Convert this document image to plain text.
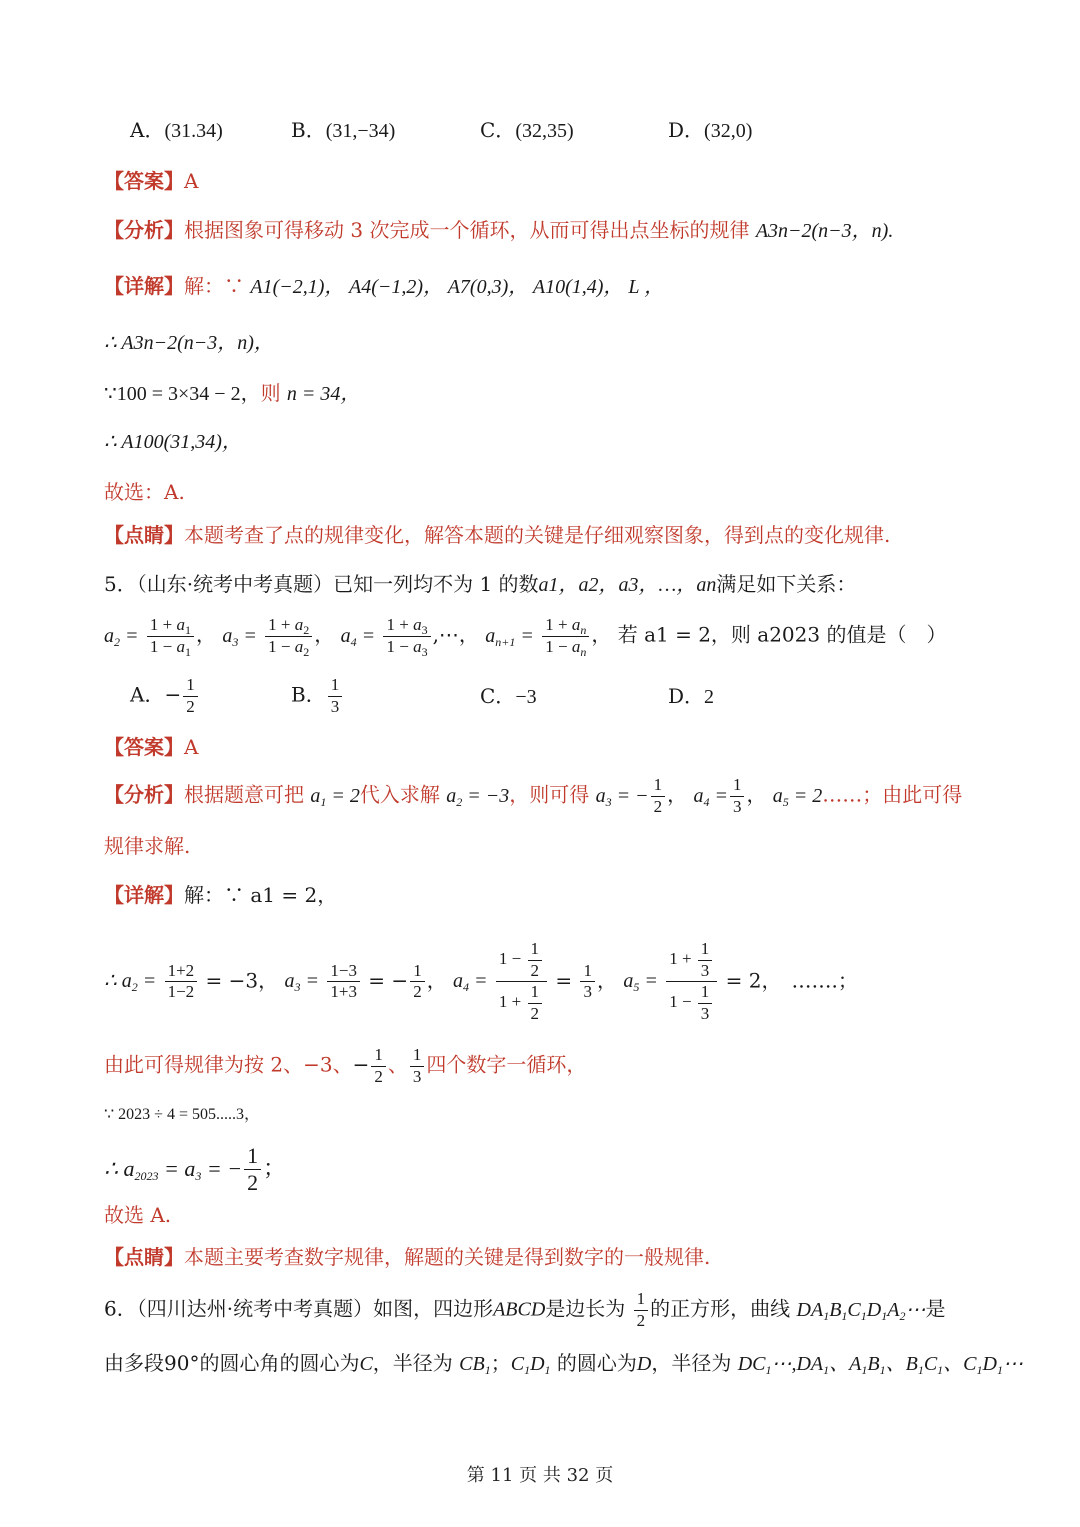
A．(31.34)	B．(31,−34)	C．(32,35)	D．(32,0)
【答案】A
【分析】根据图象可得移动 3 次完成一个循环，从而可得出点坐标的规律 A3n−2(n−3，n).
【详解】解：∵ A1(−2,1)， A4(−1,2)， A7(0,3)， A10(1,4)， L ，
∴ A3n−2(n−3，n)，
∵100 = 3×34 − 2，则 n = 34，
∴ A100(31,34)，
故选：A.
【点睛】本题考查了点的规律变化，解答本题的关键是仔细观察图象，得到点的变化规律.
5．（山东·统考中考真题）已知一列均不为 1 的数a1，a2，a3，…，an满足如下关系：
$a_2 = \frac{1 + a_1}{1 - a_1}$ ， $a_3 = \frac{1 + a_2}{1 - a_2}$ ， $a_4 = \frac{1 + a_3}{1 - a_3}$ ,⋯， $a_{n+1} = \frac{1 + a_n}{1 - a_n}$ ， 若 a1 = 2，则 a2023 的值是（　）
A．− $\frac{1}{2}$	B． $\frac{1}{3}$	C．−3	D．2
【答案】A
【分析】根据题意可把 $a_1 = 2$代入求解 $a_2 = -3$，则可得 $a_3$ = − $\frac{1}{2}$ ， $a_4 = \frac{1}{3}$ ， $a_5$ = 2……；由此可得
规律求解.
【详解】解：∵ a1 = 2，
∴ $a_2 = \frac{1+2}{1-2} = -3$， $a_3 = \frac{1-3}{1+3}$ = − $\frac{1}{2}$ ， $a_4 = \frac{1 - \frac{1}{2}}{1 + \frac{1}{2}} = \frac{1}{3}$ ， $a_5 = \frac{1 + \frac{1}{3}}{1 - \frac{1}{3}} = 2$，　…….；
由此可得规律为按 2、−3、− $\frac{1}{2}$ 、 $\frac{1}{3}$ 四个数字一循环，
∵ 2023 ÷ 4 = 505.....3，
∴ $a_{2023} = a_3$ = − $\frac{1}{2}$ ；
故选 A.
【点睛】本题主要考查数字规律，解题的关键是得到数字的一般规律.
6．（四川达州·统考中考真题）如图，四边形ABCD是边长为 $\frac{1}{2}$ 的正方形，曲线 $DA_1B_1C_1D_1A_2\cdots$是
由多段90°的圆心角的圆心为C，半径为 $CB_1$；$C_1D_1$ 的圆心为D，半径为 $DC_1\cdots,DA_1$、$A_1B_1$、$B_1C_1$、$C_1D_1\cdots$
第 11 页 共 32 页
